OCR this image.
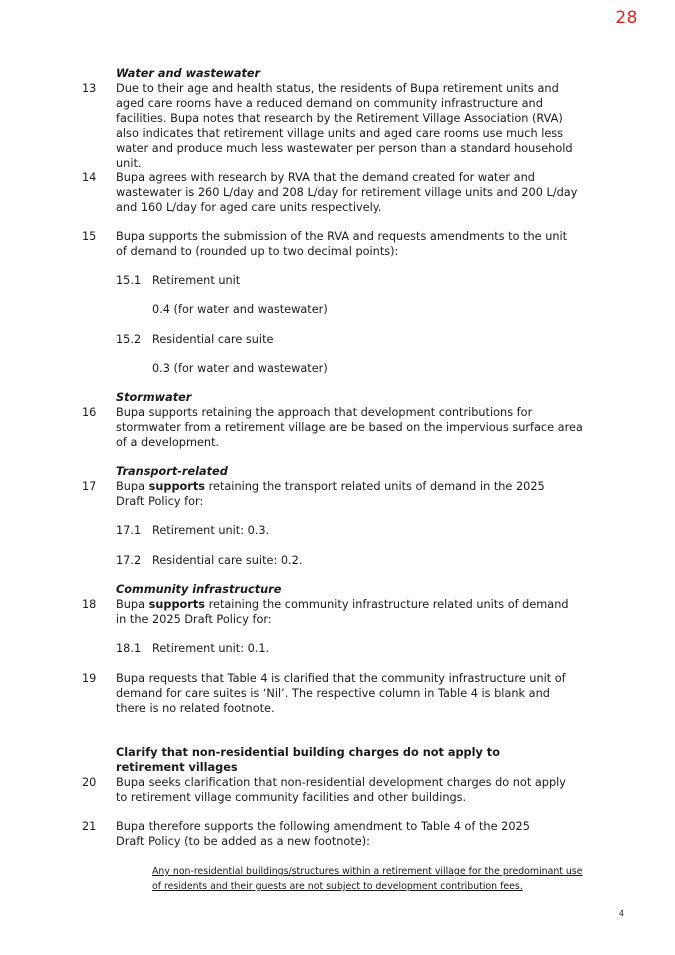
28
Water and wastewater
13	Due to their age and health status, the residents of Bupa retirement units and aged care rooms have a reduced demand on community infrastructure and facilities. Bupa notes that research by the Retirement Village Association (RVA) also indicates that retirement village units and aged care rooms use much less water and produce much less wastewater per person than a standard household unit.
14	Bupa agrees with research by RVA that the demand created for water and wastewater is 260 L/day and 208 L/day for retirement village units and 200 L/day and 160 L/day for aged care units respectively.
15	Bupa supports the submission of the RVA and requests amendments to the unit of demand to (rounded up to two decimal points):
15.1 Retirement unit
0.4 (for water and wastewater)
15.2 Residential care suite
0.3 (for water and wastewater)
Stormwater
16	Bupa supports retaining the approach that development contributions for stormwater from a retirement village are be based on the impervious surface area of a development.
Transport-related
17	Bupa supports retaining the transport related units of demand in the 2025 Draft Policy for:
17.1 Retirement unit: 0.3.
17.2 Residential care suite: 0.2.
Community infrastructure
18	Bupa supports retaining the community infrastructure related units of demand in the 2025 Draft Policy for:
18.1 Retirement unit: 0.1.
19	Bupa requests that Table 4 is clarified that the community infrastructure unit of demand for care suites is ‘Nil’. The respective column in Table 4 is blank and there is no related footnote.
Clarify that non-residential building charges do not apply to retirement villages
20	Bupa seeks clarification that non-residential development charges do not apply to retirement village community facilities and other buildings.
21	Bupa therefore supports the following amendment to Table 4 of the 2025 Draft Policy (to be added as a new footnote):
Any non-residential buildings/structures within a retirement village for the predominant use of residents and their guests are not subject to development contribution fees.
4
